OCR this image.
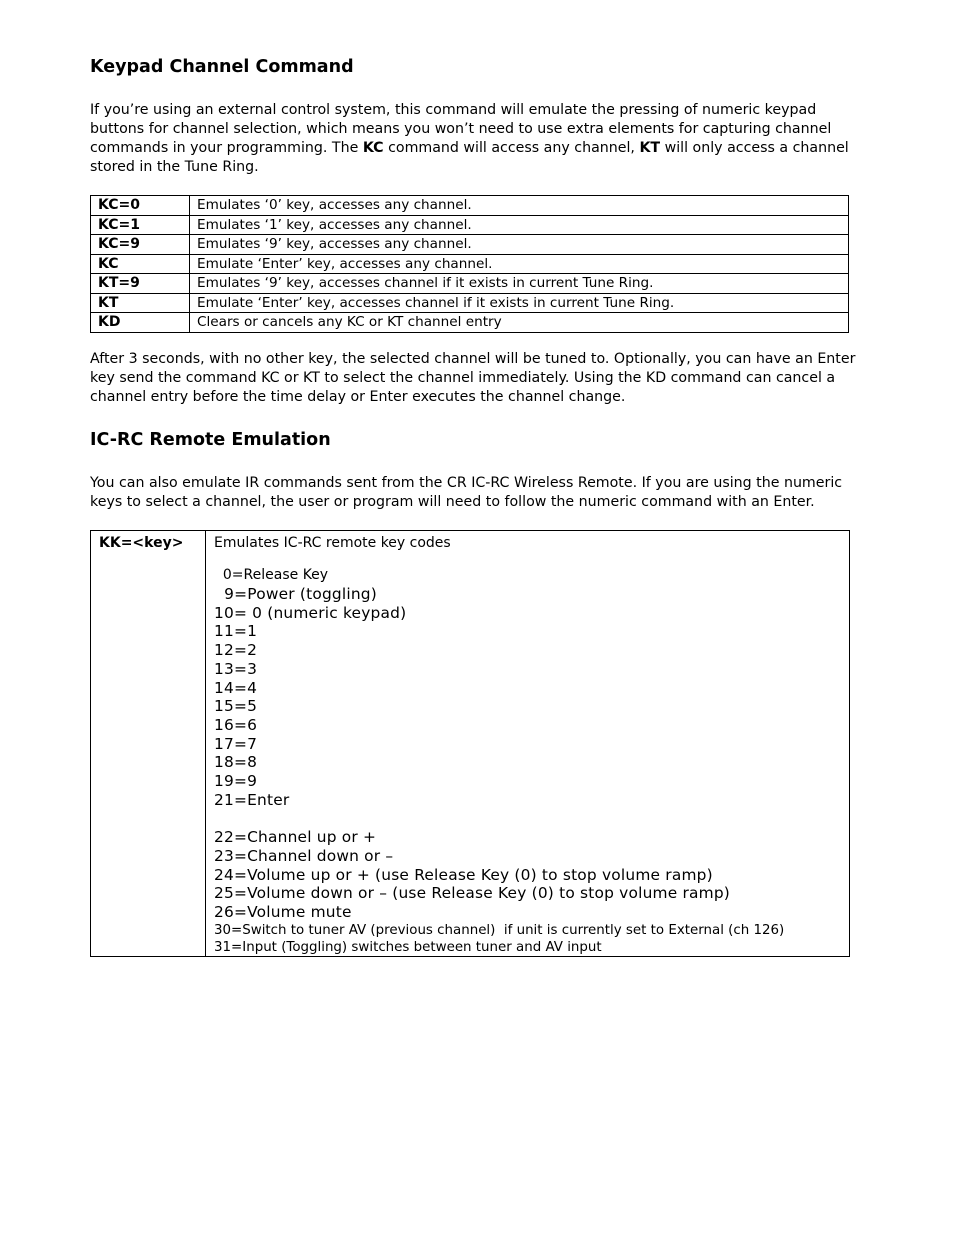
Keypad Channel Command

If you’re using an external control system, this command will emulate the pressing of numeric keypad buttons for channel selection, which means you won’t need to use extra elements for capturing channel commands in your programming. The KC command will access any channel, KT will only access a channel stored in the Tune Ring.

KC=0	Emulates ‘0’ key, accesses any channel.
KC=1	Emulates ‘1’ key, accesses any channel.
KC=9	Emulates ‘9’ key, accesses any channel.
KC	Emulate ‘Enter’ key, accesses any channel.
KT=9	Emulates ‘9’ key, accesses channel if it exists in current Tune Ring.
KT	Emulate ‘Enter’ key, accesses channel if it exists in current Tune Ring.
KD	Clears or cancels any KC or KT channel entry

After 3 seconds, with no other key, the selected channel will be tuned to. Optionally, you can have an Enter key send the command KC or KT to select the channel immediately. Using the KD command can cancel a channel entry before the time delay or Enter executes the channel change.

IC-RC Remote Emulation

You can also emulate IR commands sent from the CR IC-RC Wireless Remote. If you are using the numeric keys to select a channel, the user or program will need to follow the numeric command with an Enter.

KK=<key>	Emulates IC-RC remote key codes
0=Release Key
9=Power (toggling)
10= 0 (numeric keypad)
11=1
12=2
13=3
14=4
15=5
16=6
17=7
18=8
19=9
21=Enter
22=Channel up or +
23=Channel down or –
24=Volume up or + (use Release Key (0) to stop volume ramp)
25=Volume down or – (use Release Key (0) to stop volume ramp)
26=Volume mute
30=Switch to tuner AV (previous channel)  if unit is currently set to External (ch 126)
31=Input (Toggling) switches between tuner and AV input
